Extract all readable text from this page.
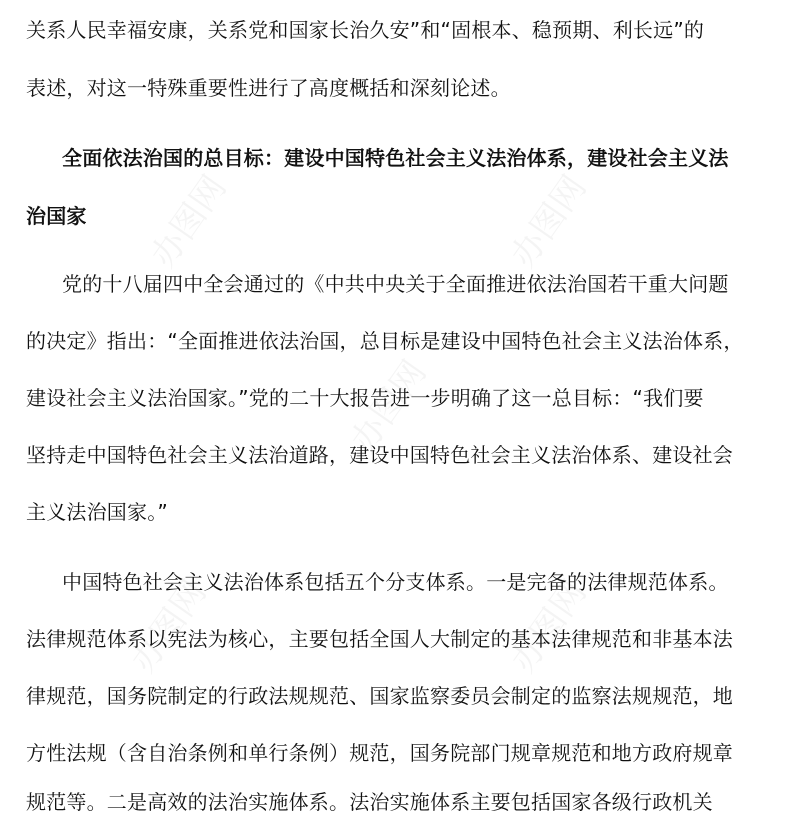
办图网	办图网
办图网
办图网	办图网
关系人民幸福安康，关系党和国家长治久安”和“固根本、稳预期、利长远”的
表述，对这一特殊重要性进行了高度概括和深刻论述。
全面依法治国的总目标：建设中国特色社会主义法治体系，建设社会主义法
治国家
党的十八届四中全会通过的《中共中央关于全面推进依法治国若干重大问题
的决定》指出：“全面推进依法治国，总目标是建设中国特色社会主义法治体系，
建设社会主义法治国家。”党的二十大报告进一步明确了这一总目标：“我们要
坚持走中国特色社会主义法治道路，建设中国特色社会主义法治体系、建设社会
主义法治国家。”
中国特色社会主义法治体系包括五个分支体系。一是完备的法律规范体系。
法律规范体系以宪法为核心，主要包括全国人大制定的基本法律规范和非基本法
律规范，国务院制定的行政法规规范、国家监察委员会制定的监察法规规范，地
方性法规（含自治条例和单行条例）规范，国务院部门规章规范和地方政府规章
规范等。二是高效的法治实施体系。法治实施体系主要包括国家各级行政机关
